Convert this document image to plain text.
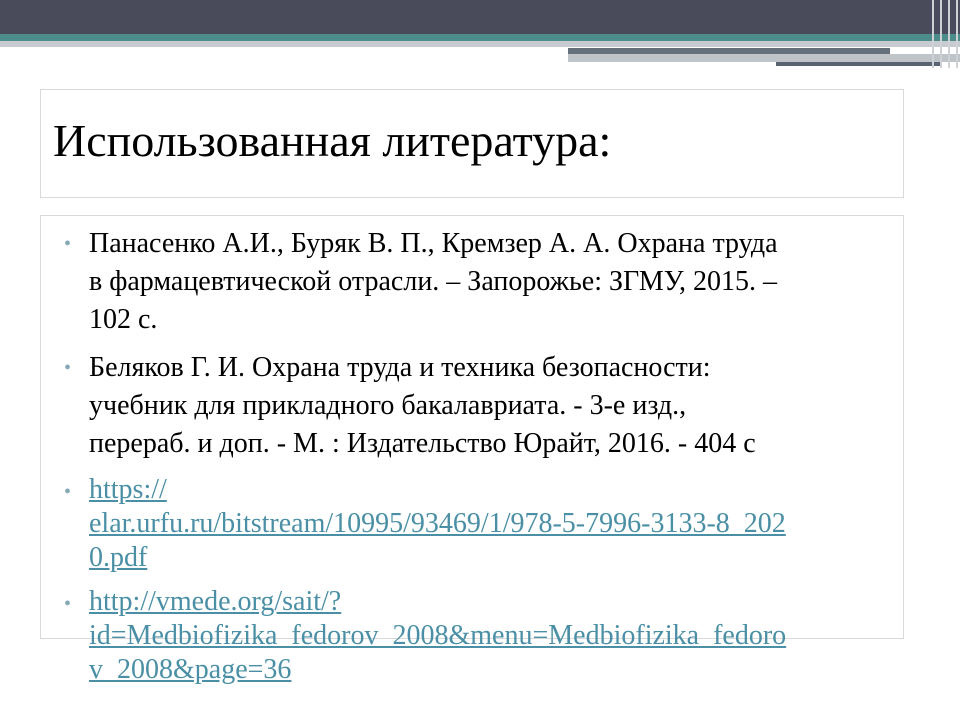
Использованная литература:
• Панасенко А.И., Буряк В. П., Кремзер А. А. Охрана труда
в фармацевтической отрасли. – Запорожье: ЗГМУ, 2015. –
102 с.
• Беляков Г. И. Охрана труда и техника безопасности:
учебник для прикладного бакалавриата. - 3-е изд.,
перераб. и доп. - М. : Издательство Юрайт, 2016. - 404 с
• https://
elar.urfu.ru/bitstream/10995/93469/1/978-5-7996-3133-8_202
0.pdf
• http://vmede.org/sait/?
id=Medbiofizika_fedorov_2008&menu=Medbiofizika_fedoro
v_2008&page=36
